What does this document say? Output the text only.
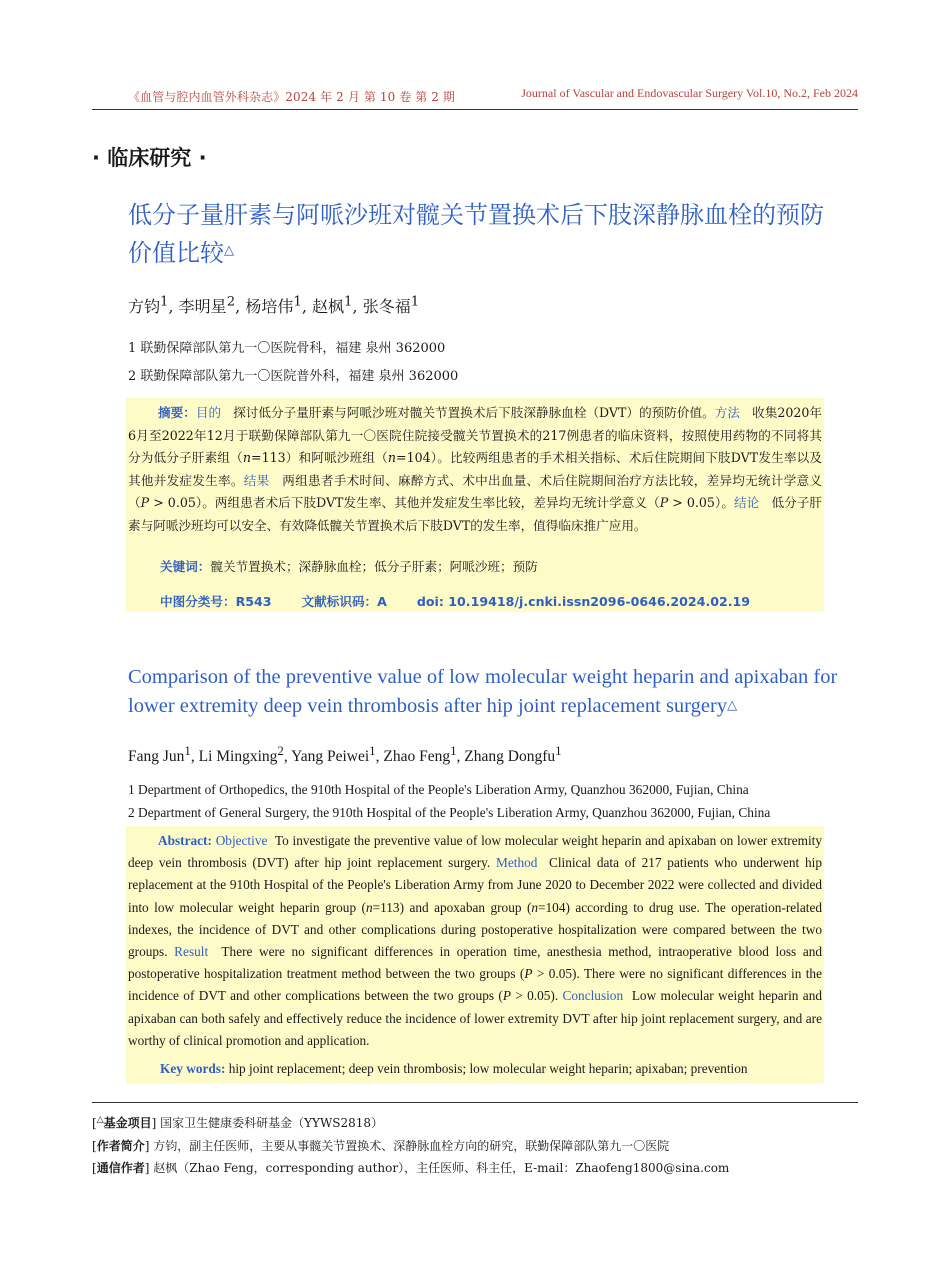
《血管与腔内血管外科杂志》2024 年 2 月 第 10 卷 第 2 期	Journal of Vascular and Endovascular Surgery Vol.10, No.2, Feb 2024
· 临床研究 ·
低分子量肝素与阿哌沙班对髋关节置换术后下肢深静脉血栓的预防价值比较△
方钧$^1$, 李明星$^2$, 杨培伟$^1$, 赵枫$^1$, 张冬福$^1$
1 联勤保障部队第九一〇医院骨科，福建 泉州 362000
2 联勤保障部队第九一〇医院普外科，福建 泉州 362000
摘要：目的 探讨低分子量肝素与阿哌沙班对髋关节置换术后下肢深静脉血栓（DVT）的预防价值。方法 收集2020年6月至2022年12月于联勤保障部队第九一〇医院住院接受髋关节置换术的217例患者的临床资料，按照使用药物的不同将其分为低分子肝素组（n=113）和阿哌沙班组（n=104）。比较两组患者的手术相关指标、术后住院期间下肢DVT发生率以及其他并发症发生率。结果 两组患者手术时间、麻醉方式、术中出血量、术后住院期间治疗方法比较，差异均无统计学意义（P > 0.05）。两组患者术后下肢DVT发生率、其他并发症发生率比较，差异均无统计学意义（P > 0.05）。结论 低分子肝素与阿哌沙班均可以安全、有效降低髋关节置换术后下肢DVT的发生率，值得临床推广应用。
关键词：髋关节置换术；深静脉血栓；低分子肝素；阿哌沙班；预防
中图分类号：R543 文献标识码：A doi: 10.19418/j.cnki.issn2096-0646.2024.02.19
Comparison of the preventive value of low molecular weight heparin and apixaban for lower extremity deep vein thrombosis after hip joint replacement surgery△
Fang Jun$^1$, Li Mingxing$^2$, Yang Peiwei$^1$, Zhao Feng$^1$, Zhang Dongfu$^1$
1 Department of Orthopedics, the 910th Hospital of the People's Liberation Army, Quanzhou 362000, Fujian, China
2 Department of General Surgery, the 910th Hospital of the People's Liberation Army, Quanzhou 362000, Fujian, China
Abstract: Objective To investigate the preventive value of low molecular weight heparin and apixaban on lower extremity deep vein thrombosis (DVT) after hip joint replacement surgery. Method Clinical data of 217 patients who underwent hip replacement at the 910th Hospital of the People's Liberation Army from June 2020 to December 2022 were collected and divided into low molecular weight heparin group (n=113) and apoxaban group (n=104) according to drug use. The operation-related indexes, the incidence of DVT and other complications during postoperative hospitalization were compared between the two groups. Result There were no significant differences in operation time, anesthesia method, intraoperative blood loss and postoperative hospitalization treatment method between the two groups (P > 0.05). There were no significant differences in the incidence of DVT and other complications between the two groups (P > 0.05). Conclusion Low molecular weight heparin and apixaban can both safely and effectively reduce the incidence of lower extremity DVT after hip joint replacement surgery, and are worthy of clinical promotion and application.
Key words: hip joint replacement; deep vein thrombosis; low molecular weight heparin; apixaban; prevention
[△基金项目] 国家卫生健康委科研基金（YYWS2818）
[作者简介] 方钧，副主任医师，主要从事髋关节置换术、深静脉血栓方向的研究，联勤保障部队第九一〇医院
[通信作者] 赵枫（Zhao Feng，corresponding author），主任医师、科主任，E-mail：Zhaofeng1800@sina.com
